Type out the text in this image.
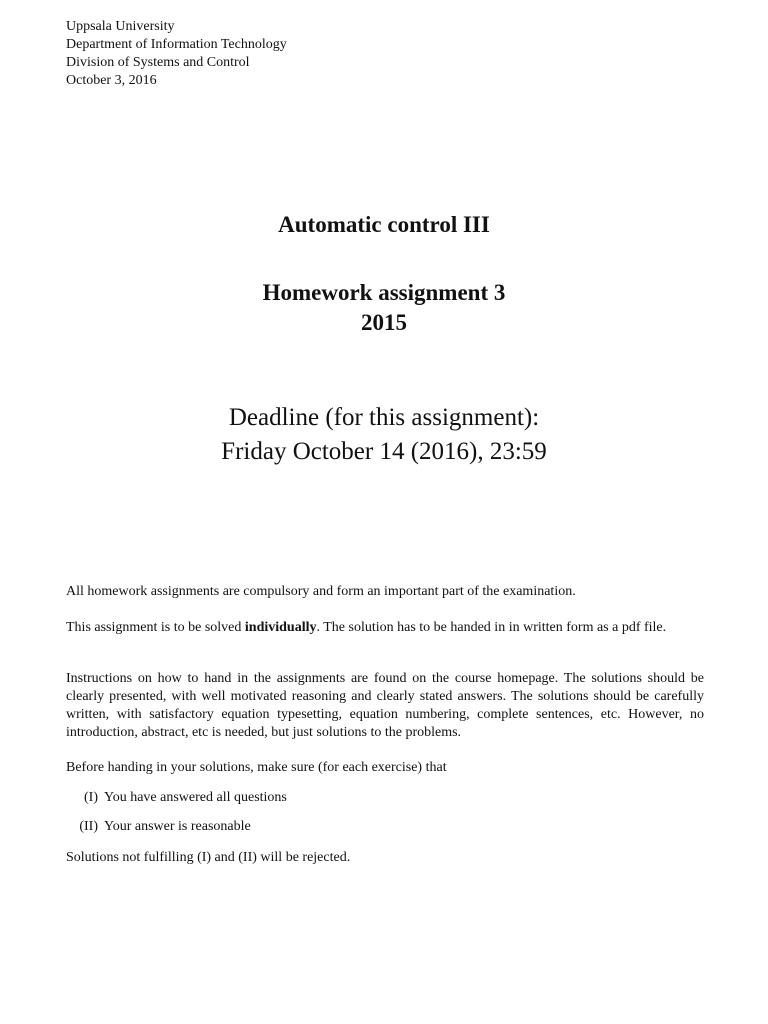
Uppsala University
Department of Information Technology
Division of Systems and Control
October 3, 2016
Automatic control III
Homework assignment 3
2015
Deadline (for this assignment):
Friday October 14 (2016), 23:59
All homework assignments are compulsory and form an important part of the examination.
This assignment is to be solved individually. The solution has to be handed in in written form as a pdf file.
Instructions on how to hand in the assignments are found on the course homepage. The solutions should be clearly presented, with well motivated reasoning and clearly stated answers. The solutions should be carefully written, with satisfactory equation typesetting, equation numbering, complete sentences, etc. However, no introduction, abstract, etc is needed, but just solutions to the problems.
Before handing in your solutions, make sure (for each exercise) that
(I) You have answered all questions
(II) Your answer is reasonable
Solutions not fulfilling (I) and (II) will be rejected.
